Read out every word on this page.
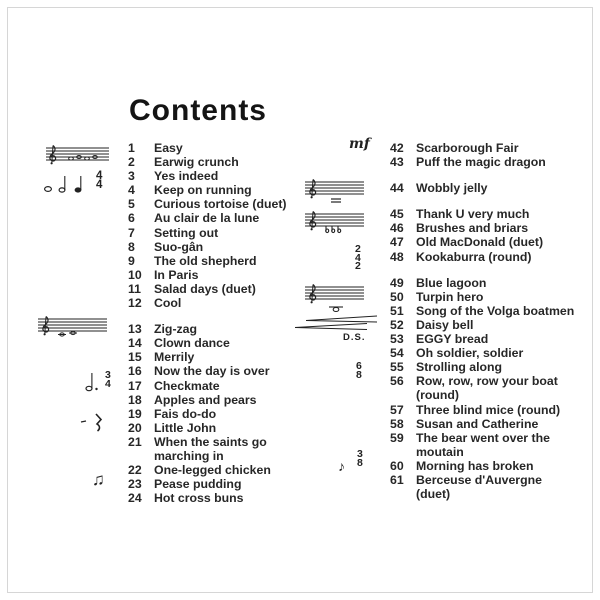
Contents
1	Easy
2	Earwig crunch
3	Yes indeed
4	Keep on running
5	Curious tortoise (duet)
6	Au clair de la lune
7	Setting out
8	Suo-gân
9	The old shepherd
10	In Paris
11	Salad days (duet)
12	Cool
13	Zig-zag
14	Clown dance
15	Merrily
16	Now the day is over
17	Checkmate
18	Apples and pears
19	Fais do-do
20	Little John
21	When the saints go
marching in
22	One-legged chicken
23	Pease pudding
24	Hot cross buns
42	Scarborough Fair
43	Puff the magic dragon
44	Wobbly jelly
45	Thank U very much
46	Brushes and briars
47	Old MacDonald (duet)
48	Kookaburra (round)
49	Blue lagoon
50	Turpin hero
51	Song of the Volga boatmen
52	Daisy bell
53	EGGY bread
54	Oh soldier, soldier
55	Strolling along
56	Row, row, row your boat
(round)
57	Three blind mice (round)
58	Susan and Catherine
59	The bear went over the
moutain
60	Morning has broken
61	Berceuse d'Auvergne
(duet)
4
4
3
4
♫
mf
2
4
2
D.S.
6
8
♪
3
8
